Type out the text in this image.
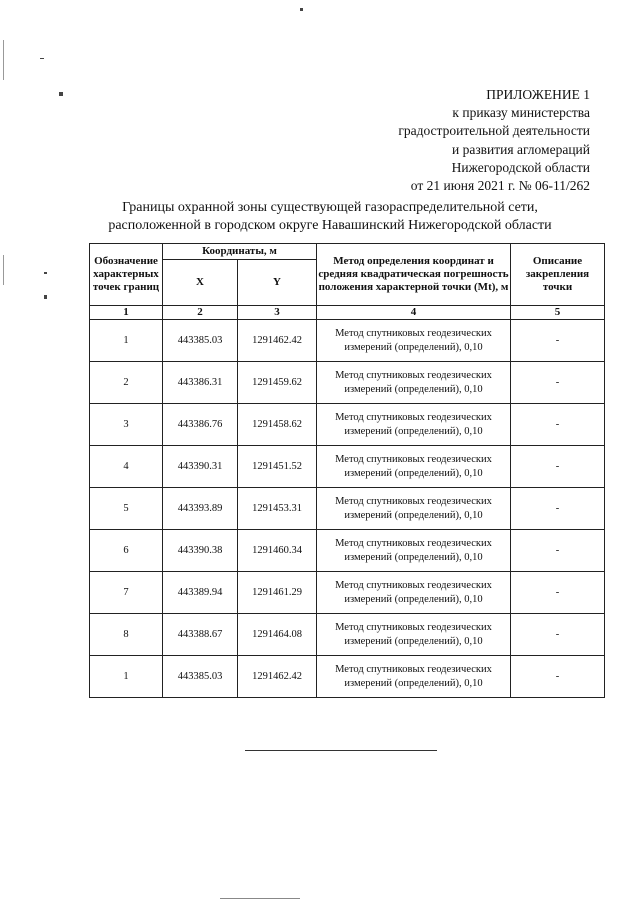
ПРИЛОЖЕНИЕ 1
к приказу министерства
градостроительной деятельности
и развития агломераций
Нижегородской области
от 21 июня 2021 г. № 06-11/262
Границы охранной зоны существующей газораспределительной сети,
расположенной в городском округе Навашинский Нижегородской области
Обозначение характерных точек границ	Координаты, м		Метод определения координат и средняя квадратическая погрешность положения характерной точки (Mt), м	Описание закрепления точки
	X	Y		
1	2	3	4	5
1	443385.03	1291462.42	Метод спутниковых геодезических измерений (определений), 0,10	-
2	443386.31	1291459.62	Метод спутниковых геодезических измерений (определений), 0,10	-
3	443386.76	1291458.62	Метод спутниковых геодезических измерений (определений), 0,10	-
4	443390.31	1291451.52	Метод спутниковых геодезических измерений (определений), 0,10	-
5	443393.89	1291453.31	Метод спутниковых геодезических измерений (определений), 0,10	-
6	443390.38	1291460.34	Метод спутниковых геодезических измерений (определений), 0,10	-
7	443389.94	1291461.29	Метод спутниковых геодезических измерений (определений), 0,10	-
8	443388.67	1291464.08	Метод спутниковых геодезических измерений (определений), 0,10	-
1	443385.03	1291462.42	Метод спутниковых геодезических измерений (определений), 0,10	-
